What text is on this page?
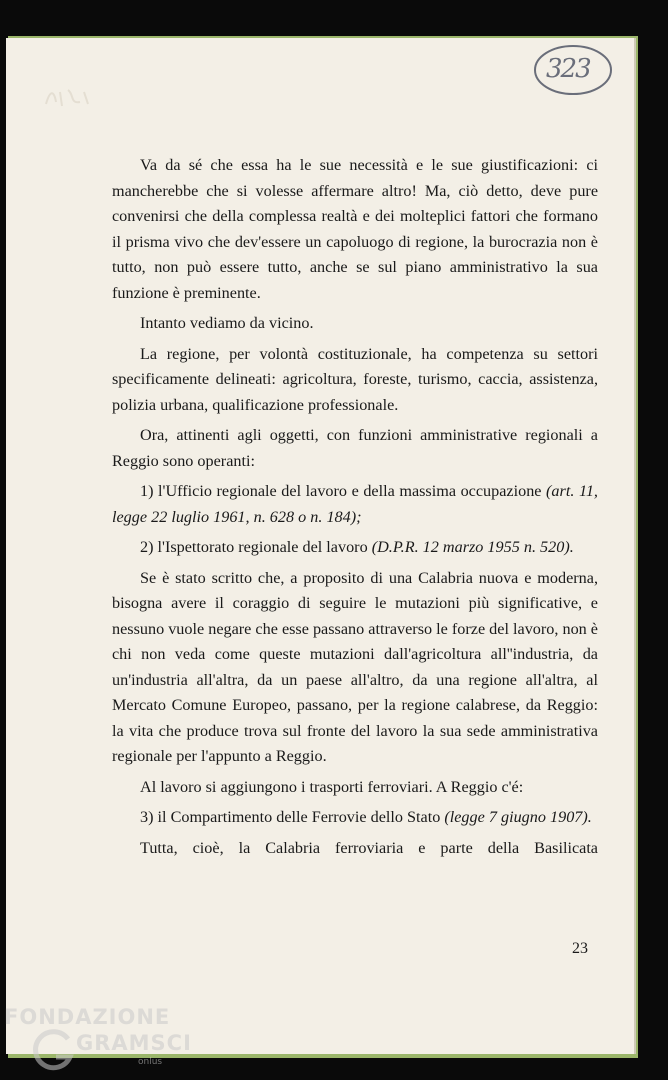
323

Va da sé che essa ha le sue necessità e le sue giustificazioni: ci mancherebbe che si volesse affermare altro! Ma, ciò detto, deve pure convenirsi che della complessa realtà e dei molteplici fattori che formano il prisma vivo che dev'essere un capoluogo di regione, la burocrazia non è tutto, non può essere tutto, anche se sul piano amministrativo la sua funzione è preminente.

Intanto vediamo da vicino.

La regione, per volontà costituzionale, ha competenza su settori specificamente delineati: agricoltura, foreste, turismo, caccia, assistenza, polizia urbana, qualificazione professionale.

Ora, attinenti agli oggetti, con funzioni amministrative regionali a Reggio sono operanti:

1) l'Ufficio regionale del lavoro e della massima occupazione (art. 11, legge 22 luglio 1961, n. 628 o n. 184);

2) l'Ispettorato regionale del lavoro (D.P.R. 12 marzo 1955 n. 520).

Se è stato scritto che, a proposito di una Calabria nuova e moderna, bisogna avere il coraggio di seguire le mutazioni più significative, e nessuno vuole negare che esse passano attraverso le forze del lavoro, non è chi non veda come queste mutazioni dall'agricoltura all''industria, da un'industria all'altra, da un paese all'altro, da una regione all'altra, al Mercato Comune Europeo, passano, per la regione calabrese, da Reggio: la vita che produce trova sul fronte del lavoro la sua sede amministrativa regionale per l'appunto a Reggio.

Al lavoro si aggiungono i trasporti ferroviari. A Reggio c'é:

3) il Compartimento delle Ferrovie dello Stato (legge 7 giugno 1907).

Tutta, cioè, la Calabria ferroviaria e parte della Basilicata

23
FONDAZIONE
GRAMSCI
onlus
